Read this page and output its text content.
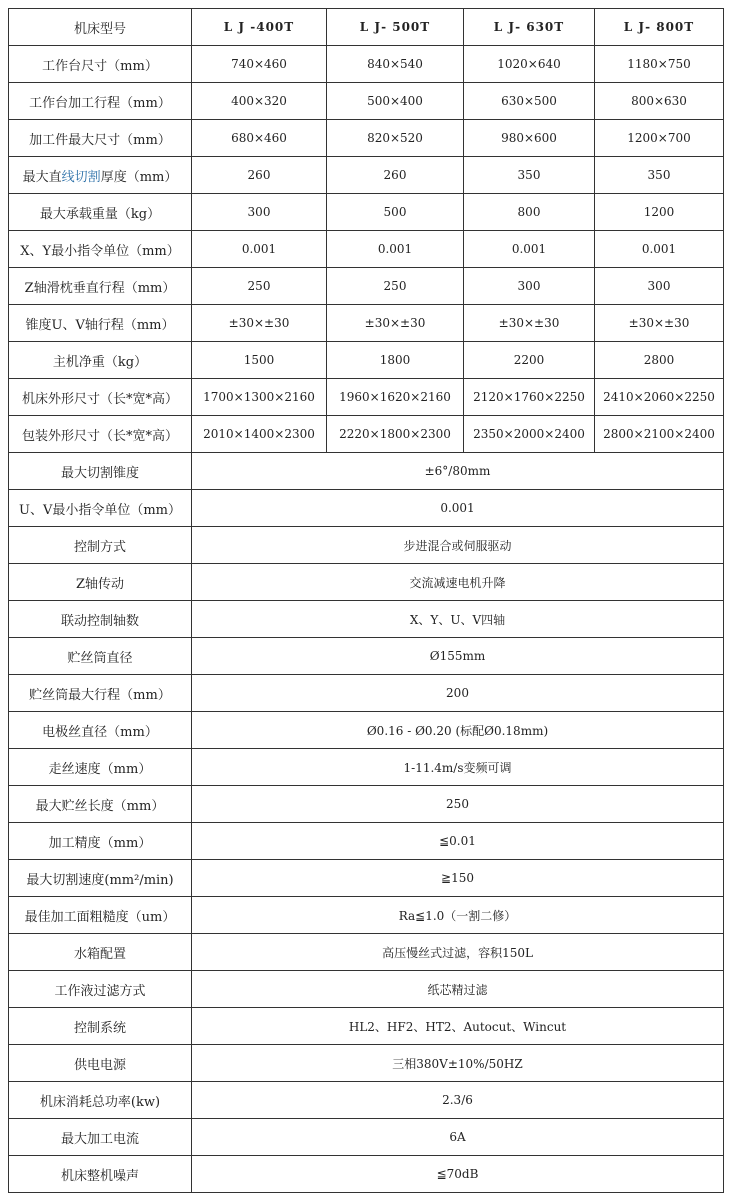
机床型号	L J -400T	L J- 500T	L J- 630T	L J- 800T
工作台尺寸（mm）	740×460	840×540	1020×640	1180×750
工作台加工行程（mm）	400×320	500×400	630×500	800×630
加工件最大尺寸（mm）	680×460	820×520	980×600	1200×700
最大直线切割厚度（mm）	260	260	350	350
最大承载重量（kg）	300	500	800	1200
X、Y最小指令单位（mm）	0.001	0.001	0.001	0.001
Z轴滑枕垂直行程（mm）	250	250	300	300
锥度U、V轴行程（mm）	±30×±30	±30×±30	±30×±30	±30×±30
主机净重（kg）	1500	1800	2200	2800
机床外形尺寸（长*宽*高）	1700×1300×2160	1960×1620×2160	2120×1760×2250	2410×2060×2250
包装外形尺寸（长*宽*高）	2010×1400×2300	2220×1800×2300	2350×2000×2400	2800×2100×2400
最大切割锥度	±6°/80mm			
U、V最小指令单位（mm）	0.001			
控制方式	步进混合或伺服驱动			
Z轴传动	交流减速电机升降			
联动控制轴数	X、Y、U、V四轴			
贮丝筒直径	Ø155mm			
贮丝筒最大行程（mm）	200			
电极丝直径（mm）	Ø0.16 - Ø0.20 (标配Ø0.18mm)			
走丝速度（mm）	1-11.4m/s变频可调			
最大贮丝长度（mm）	250			
加工精度（mm）	≦0.01			
最大切割速度(mm²/min)	≧150			
最佳加工面粗糙度（um）	Ra≦1.0（一割二修）			
水箱配置	高压慢丝式过滤，容积150L			
工作液过滤方式	纸芯精过滤			
控制系统	HL2、HF2、HT2、Autocut、Wincut			
供电电源	三相380V±10%/50HZ			
机床消耗总功率(kw)	2.3/6			
最大加工电流	6A			
机床整机噪声	≦70dB			
